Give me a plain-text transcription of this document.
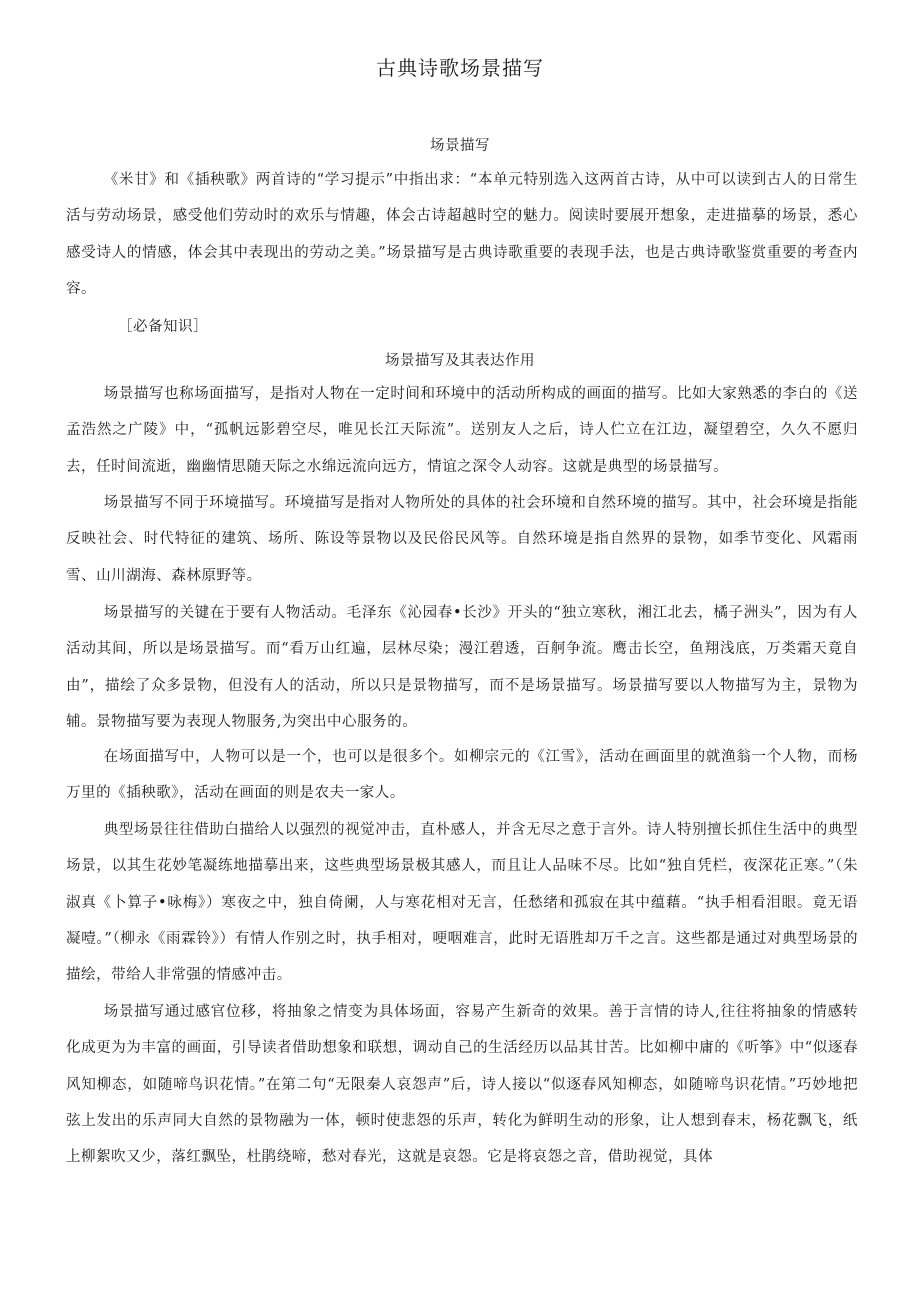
古典诗歌场景描写
场景描写

《米甘》和《插秧歌》两首诗的“学习提示”中指出求：“本单元特别选入这两首古诗，从中可以读到古人的日常生活与劳动场景，感受他们劳动时的欢乐与情趣，体会古诗超越时空的魅力。阅读时要展开想象，走进描摹的场景，悉心感受诗人的情感，体会其中表现出的劳动之美。”场景描写是古典诗歌重要的表现手法，也是古典诗歌鉴赏重要的考查内容。

［必备知识］
场景描写及其表达作用

场景描写也称场面描写，是指对人物在一定时间和环境中的活动所构成的画面的描写。比如大家熟悉的李白的《送孟浩然之广陵》中，“孤帆远影碧空尽，唯见长江天际流”。送别友人之后，诗人伫立在江边，凝望碧空，久久不愿归去，任时间流逝，幽幽情思随天际之水绵远流向远方，情谊之深令人动容。这就是典型的场景描写。

场景描写不同于环境描写。环境描写是指对人物所处的具体的社会环境和自然环境的描写。其中，社会环境是指能反映社会、时代特征的建筑、场所、陈设等景物以及民俗民风等。自然环境是指自然界的景物，如季节变化、风霜雨雪、山川湖海、森林原野等。

场景描写的关键在于要有人物活动。毛泽东《沁园春•长沙》开头的“独立寒秋，湘江北去，橘子洲头”，因为有人活动其间，所以是场景描写。而“看万山红遍，层林尽染；漫江碧透，百舸争流。鹰击长空，鱼翔浅底，万类霜天竟自由”，描绘了众多景物，但没有人的活动，所以只是景物描写，而不是场景描写。场景描写要以人物描写为主，景物为辅。景物描写要为表现人物服务,为突出中心服务的。

在场面描写中，人物可以是一个，也可以是很多个。如柳宗元的《江雪》，活动在画面里的就渔翁一个人物，而杨万里的《插秧歌》，活动在画面的则是农夫一家人。

典型场景往往借助白描给人以强烈的视觉冲击，直朴感人，并含无尽之意于言外。诗人特别擅长抓住生活中的典型场景，以其生花妙笔凝练地描摹出来，这些典型场景极其感人，而且让人品味不尽。比如“独自凭栏，夜深花正寒。”（朱淑真《卜算子•咏梅》）寒夜之中，独自倚阑，人与寒花相对无言，任愁绪和孤寂在其中蕴藉。“执手相看泪眼。竟无语凝噎。”（柳永《雨霖铃》）有情人作别之时，执手相对，哽咽难言，此时无语胜却万千之言。这些都是通过对典型场景的描绘，带给人非常强的情感冲击。

场景描写通过感官位移，将抽象之情变为具体场面，容易产生新奇的效果。善于言情的诗人,往往将抽象的情感转化成更为为丰富的画面，引导读者借助想象和联想，调动自己的生活经历以品其甘苦。比如柳中庸的《听筝》中“似逐春风知柳态，如随啼鸟识花情。”在第二句“无限秦人哀怨声”后，诗人接以“似逐春风知柳态，如随啼鸟识花情。”巧妙地把弦上发出的乐声同大自然的景物融为一体，顿时使悲怨的乐声，转化为鲜明生动的形象，让人想到春末，杨花飘飞，纸上柳絮吹又少，落红飘坠，杜鹃绕啼，愁对春光，这就是哀怨。它是将哀怨之音，借助视觉，具体
